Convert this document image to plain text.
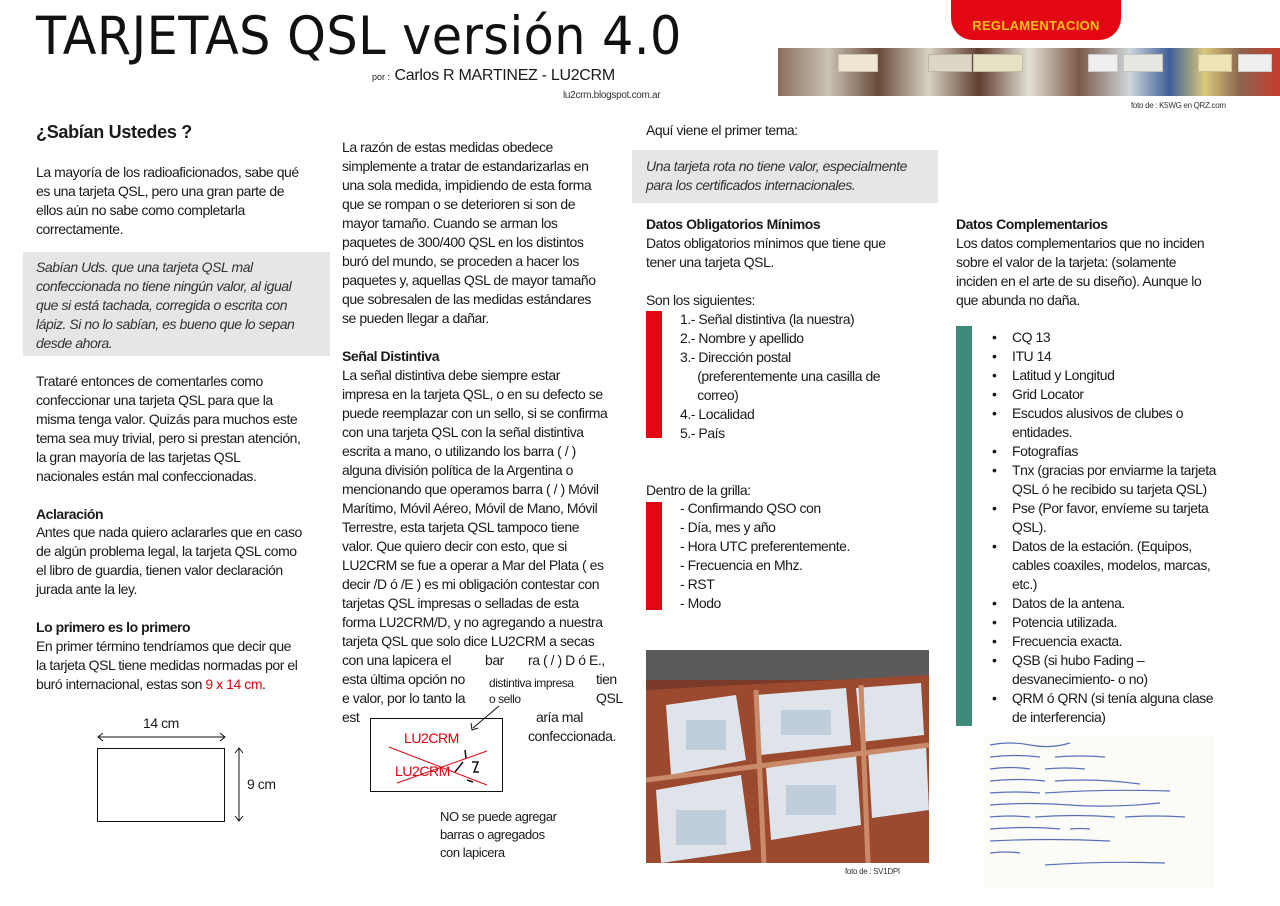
TARJETAS QSL versión 4.0
por : Carlos R MARTINEZ - LU2CRM
lu2crm.blogspot.com.ar
REGLAMENTACION
foto de : K5WG en QRZ.com
¿Sabían Ustedes ?
La mayoría de los radioaficionados, sabe qué
es una tarjeta QSL, pero una gran parte de
ellos aún no sabe como completarla
correctamente.
Sabían Uds. que una tarjeta QSL mal
confeccionada no tiene ningún valor, al igual
que si está tachada, corregida o escrita con
lápiz. Si no lo sabían, es bueno que lo sepan
desde ahora.
Trataré entonces de comentarles como
confeccionar una tarjeta QSL para que la
misma tenga valor. Quizás para muchos este
tema sea muy trivial, pero si prestan atención,
la gran mayoría de las tarjetas QSL
nacionales están mal confeccionadas.
Aclaración
Antes que nada quiero aclararles que en caso
de algún problema legal, la tarjeta QSL como
el libro de guardia, tienen valor declaración
jurada ante la ley.
Lo primero es lo primero
En primer término tendríamos que decir que
la tarjeta QSL tiene medidas normadas por el
buró internacional, estas son 9 x 14 cm.
14 cm
9 cm
La razón de estas medidas obedece
simplemente a tratar de estandarizarlas en
una sola medida, impidiendo de esta forma
que se rompan o se deterioren si son de
mayor tamaño. Cuando se arman los
paquetes de 300/400 QSL en los distintos
buró del mundo, se proceden a hacer los
paquetes y, aquellas QSL de mayor tamaño
que sobresalen de las medidas estándares
se pueden llegar a dañar.
Señal Distintiva
La señal distintiva debe siempre estar
impresa en la tarjeta QSL, o en su defecto se
puede reemplazar con un sello, si se confirma
con una tarjeta QSL con la señal distintiva
escrita a mano, o utilizando los barra ( / )
alguna división política de la Argentina o
mencionando que operamos barra ( / ) Móvil
Marítimo, Móvil Aéreo, Móvil de Mano, Móvil
Terrestre, esta tarjeta QSL tampoco tiene
valor. Que quiero decir con esto, que si
LU2CRM se fue a operar a Mar del Plata ( es
decir /D ó /E ) es mi obligación contestar con
tarjetas QSL impresas o selladas de esta
forma LU2CRM/D, y no agregando a nuestra
tarjeta QSL que solo dice LU2CRM a secas
con una lapicera el bar ra ( / ) D ó E.,
esta última opción no	tien
e valor, por lo tanto la	QSL
est	aría mal
confeccionada.
distintiva impresa
o sello
LU2CRM
LU2CRM
NO se puede agregar
barras o agregados
con lapicera
Aquí viene el primer tema:
Una tarjeta rota no tiene valor, especialmente
para los certificados internacionales.
Datos Obligatorios Mínimos
Datos obligatorios mínimos que tiene que
tener una tarjeta QSL.
Son los siguientes:
1.- Señal distintiva (la nuestra)
2.- Nombre y apellido
3.- Dirección postal
(preferentemente una casilla de
correo)
4.- Localidad
5.- País
Dentro de la grilla:
- Confirmando QSO con
- Día, mes y año
- Hora UTC preferentemente.
- Frecuencia en Mhz.
- RST
- Modo
foto de : SV1DPI
Datos Complementarios
Los datos complementarios que no inciden
sobre el valor de la tarjeta: (solamente
inciden en el arte de su diseño). Aunque lo
que abunda no daña.
• CQ 13
• ITU 14
• Latitud y Longitud
• Grid Locator
• Escudos alusivos de clubes o
entidades.
• Fotografías
• Tnx (gracias por enviarme la tarjeta
QSL ó he recibido su tarjeta QSL)
• Pse (Por favor, envíeme su tarjeta
QSL).
• Datos de la estación. (Equipos,
cables coaxiles, modelos, marcas,
etc.)
• Datos de la antena.
• Potencia utilizada.
• Frecuencia exacta.
• QSB (si hubo Fading –
desvanecimiento- o no)
• QRM ó QRN (si tenía alguna clase
de interferencia)
